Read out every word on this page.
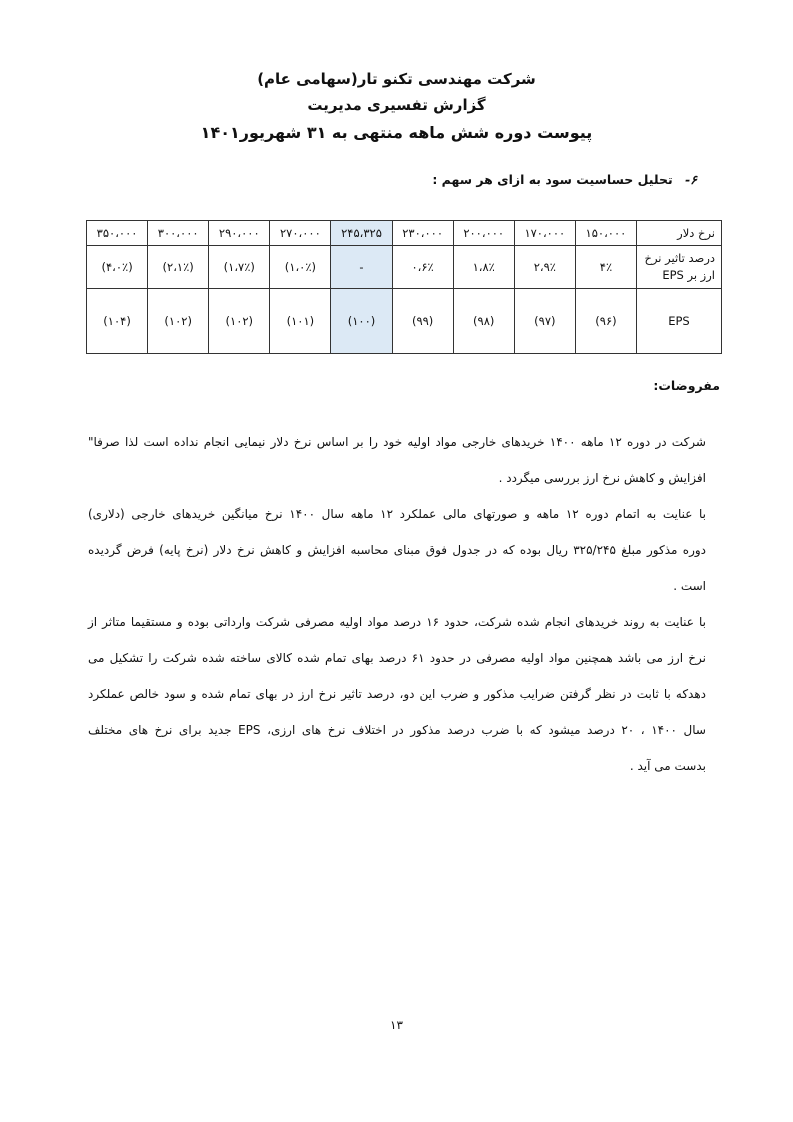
شرکت مهندسی تکنو تار(سهامی عام)
گزارش تفسیری مدیریت
پیوست دوره شش ماهه منتهی به ۳۱ شهریور۱۴۰۱
۶- تحلیل حساسیت سود به ازای هر سهم :
نرخ دلار	۱۵۰،۰۰۰	۱۷۰،۰۰۰	۲۰۰،۰۰۰	۲۳۰،۰۰۰	۲۴۵،۳۲۵	۲۷۰،۰۰۰	۲۹۰،۰۰۰	۳۰۰،۰۰۰	۳۵۰،۰۰۰
درصد تاثیر نرخ ارز بر EPS	۴٪	۲،۹٪	۱،۸٪	۰،۶٪	-	(۱،۰٪)	(۱،۷٪)	(۲،۱٪)	(۴،۰٪)
EPS	(۹۶)	(۹۷)	(۹۸)	(۹۹)	(۱۰۰)	(۱۰۱)	(۱۰۲)	(۱۰۲)	(۱۰۴)
مفروضات:
شرکت در دوره ۱۲ ماهه ۱۴۰۰ خریدهای خارجی مواد اولیه خود را بر اساس نرخ دلار نیمایی انجام نداده است لذا صرفا"
افزایش و کاهش نرخ ارز بررسی میگردد .
با عنایت به اتمام دوره ۱۲ ماهه و صورتهای مالی عملکرد ۱۲ ماهه سال ۱۴۰۰ نرخ میانگین خریدهای خارجی (دلاری)
دوره مذکور مبلغ ۳۲۵/۲۴۵ ریال بوده که در جدول فوق مبنای محاسبه افزایش و کاهش نرخ دلار (نرخ پایه) فرض گردیده
است .
با عنایت به روند خریدهای انجام شده شرکت، حدود ۱۶ درصد مواد اولیه مصرفی شرکت وارداتی بوده و مستقیما متاثر از
نرخ ارز می باشد همچنین مواد اولیه مصرفی در حدود ۶۱ درصد بهای تمام شده کالای ساخته شده شرکت را تشکیل می
دهدکه با ثابت در نظر گرفتن ضرایب مذکور و ضرب این دو، درصد تاثیر نرخ ارز در بهای تمام شده و سود خالص عملکرد
سال ۱۴۰۰ ، ۲۰ درصد میشود که با ضرب درصد مذکور در اختلاف نرخ های ارزی، EPS جدید برای نرخ های مختلف
بدست می آید .
۱۳
